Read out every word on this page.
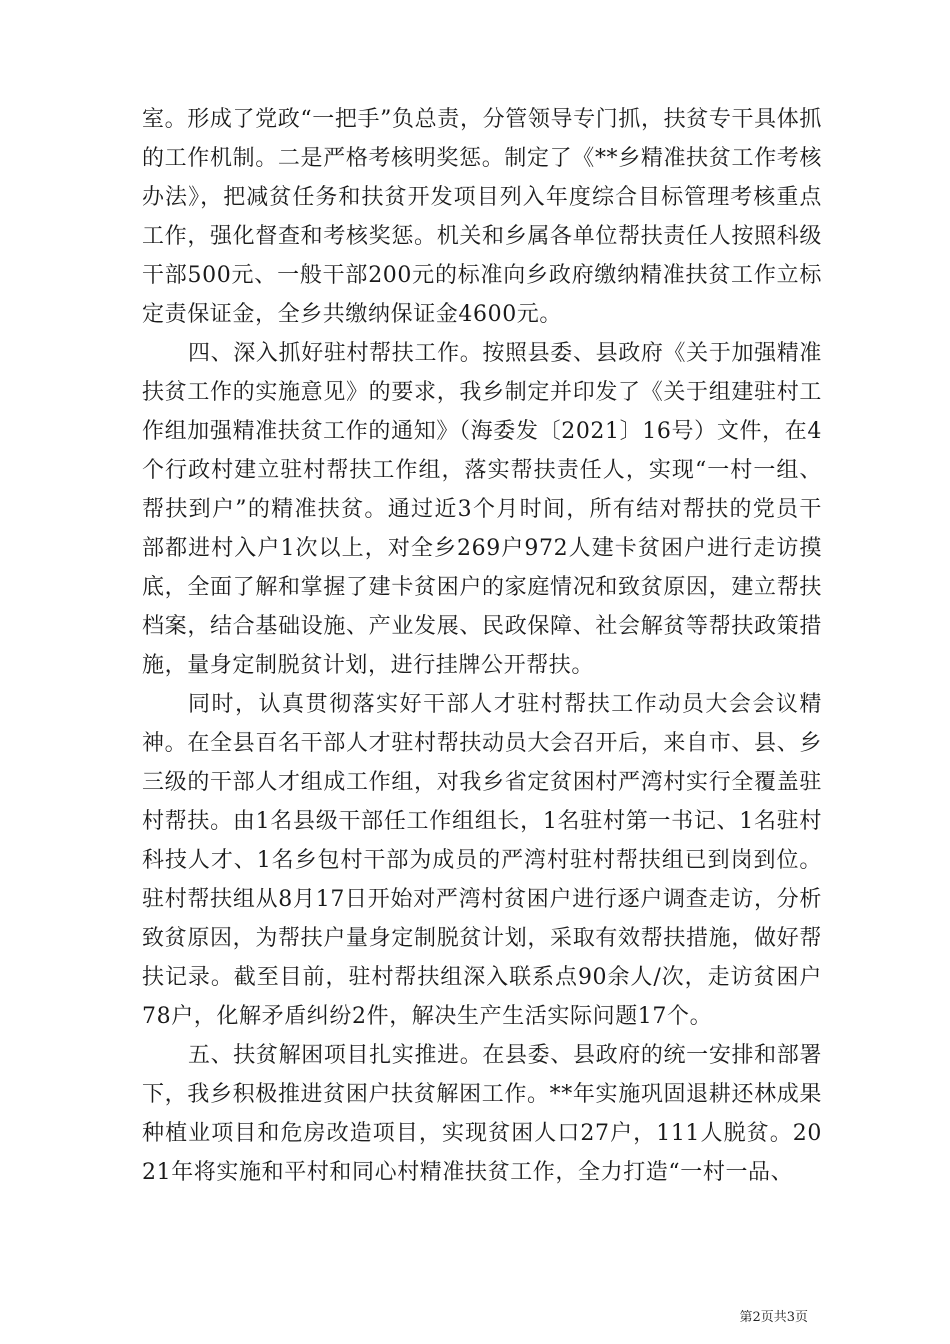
室。形成了党政“一把手”负总责，分管领导专门抓，扶贫专干具体抓的工作机制。二是严格考核明奖惩。制定了《**乡精准扶贫工作考核办法》，把减贫任务和扶贫开发项目列入年度综合目标管理考核重点工作，强化督查和考核奖惩。机关和乡属各单位帮扶责任人按照科级干部500元、一般干部200元的标准向乡政府缴纳精准扶贫工作立标定责保证金，全乡共缴纳保证金4600元。

四、深入抓好驻村帮扶工作。按照县委、县政府《关于加强精准扶贫工作的实施意见》的要求，我乡制定并印发了《关于组建驻村工作组加强精准扶贫工作的通知》（海委发〔2021〕16号）文件，在4个行政村建立驻村帮扶工作组，落实帮扶责任人，实现“一村一组、帮扶到户”的精准扶贫。通过近3个月时间，所有结对帮扶的党员干部都进村入户1次以上，对全乡269户972人建卡贫困户进行走访摸底，全面了解和掌握了建卡贫困户的家庭情况和致贫原因，建立帮扶档案，结合基础设施、产业发展、民政保障、社会解贫等帮扶政策措施，量身定制脱贫计划，进行挂牌公开帮扶。

同时，认真贯彻落实好干部人才驻村帮扶工作动员大会会议精神。在全县百名干部人才驻村帮扶动员大会召开后，来自市、县、乡三级的干部人才组成工作组，对我乡省定贫困村严湾村实行全覆盖驻村帮扶。由1名县级干部任工作组组长，1名驻村第一书记、1名驻村科技人才、1名乡包村干部为成员的严湾村驻村帮扶组已到岗到位。驻村帮扶组从8月17日开始对严湾村贫困户进行逐户调查走访，分析致贫原因，为帮扶户量身定制脱贫计划，采取有效帮扶措施，做好帮扶记录。截至目前，驻村帮扶组深入联系点90余人/次，走访贫困户78户，化解矛盾纠纷2件，解决生产生活实际问题17个。

五、扶贫解困项目扎实推进。在县委、县政府的统一安排和部署下，我乡积极推进贫困户扶贫解困工作。**年实施巩固退耕还林成果种植业项目和危房改造项目，实现贫困人口27户，111人脱贫。2021年将实施和平村和同心村精准扶贫工作，全力打造“一村一品、

第2页共3页
